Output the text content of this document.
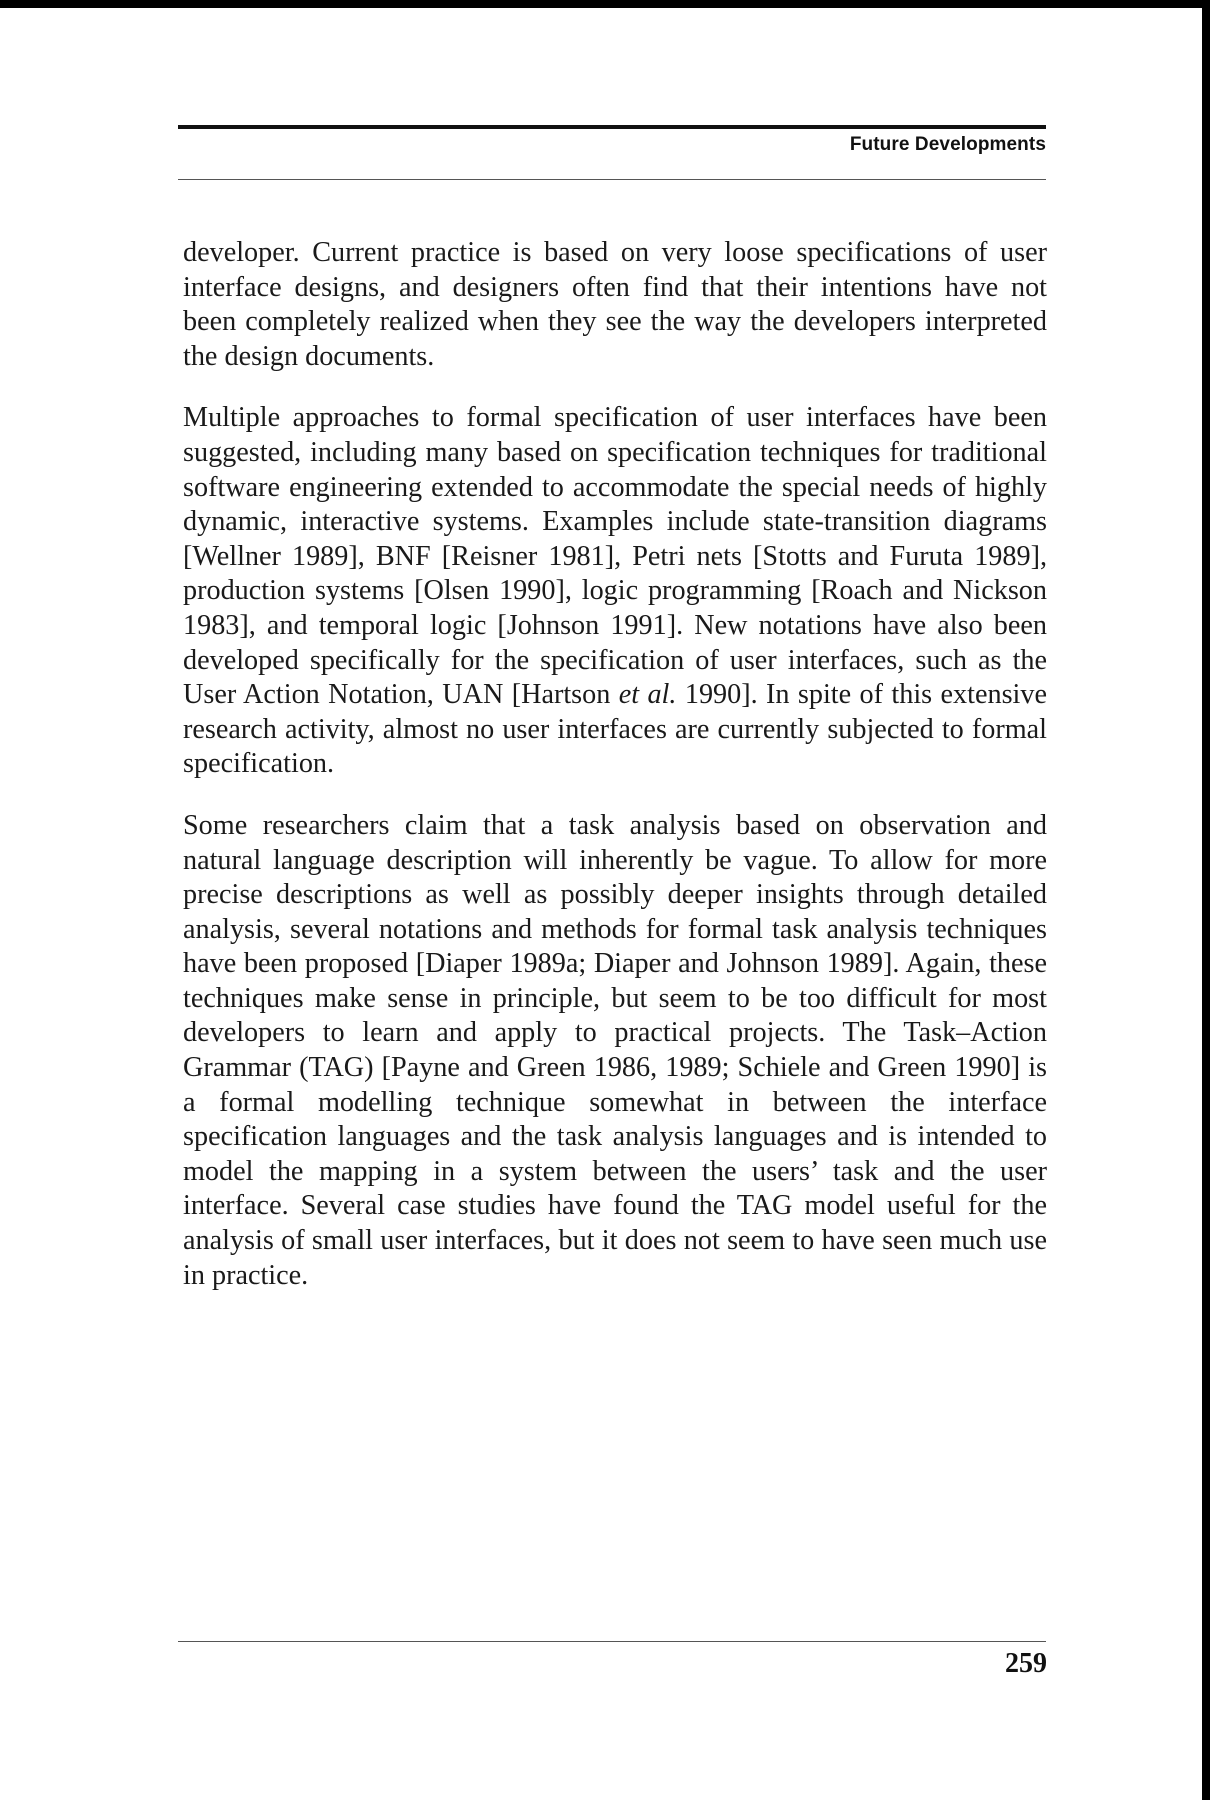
Future Developments

developer. Current practice is based on very loose specifications of user interface designs, and designers often find that their intentions have not been completely realized when they see the way the developers interpreted the design documents.

Multiple approaches to formal specification of user interfaces have been suggested, including many based on specification techniques for traditional software engineering extended to accommodate the special needs of highly dynamic, interactive systems. Examples include state-transition diagrams [Wellner 1989], BNF [Reisner 1981], Petri nets [Stotts and Furuta 1989], production systems [Olsen 1990], logic programming [Roach and Nickson 1983], and temporal logic [Johnson 1991]. New notations have also been developed specifically for the specification of user interfaces, such as the User Action Notation, UAN [Hartson et al. 1990]. In spite of this extensive research activity, almost no user interfaces are currently subjected to formal specification.

Some researchers claim that a task analysis based on observation and natural language description will inherently be vague. To allow for more precise descriptions as well as possibly deeper insights through detailed analysis, several notations and methods for formal task analysis techniques have been proposed [Diaper 1989a; Diaper and Johnson 1989]. Again, these techniques make sense in principle, but seem to be too difficult for most developers to learn and apply to practical projects. The Task–Action Grammar (TAG) [Payne and Green 1986, 1989; Schiele and Green 1990] is a formal modelling technique somewhat in between the interface specification languages and the task analysis languages and is intended to model the mapping in a system between the users’ task and the user interface. Several case studies have found the TAG model useful for the analysis of small user interfaces, but it does not seem to have seen much use in practice.

259
